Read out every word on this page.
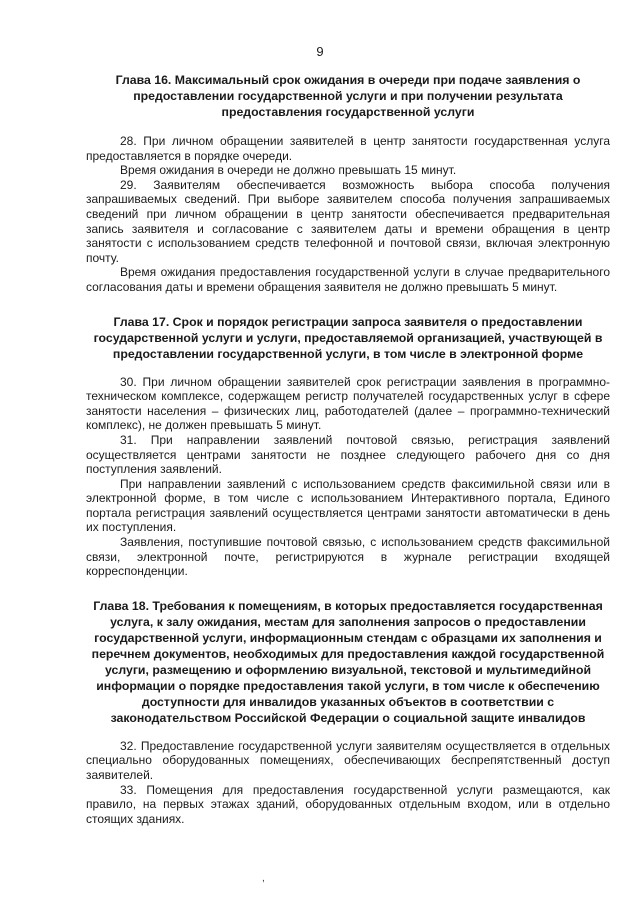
9
Глава 16. Максимальный срок ожидания в очереди при подаче заявления о предоставлении государственной услуги и при получении результата предоставления государственной услуги

28. При личном обращении заявителей в центр занятости государственная услуга предоставляется в порядке очереди.

Время ожидания в очереди не должно превышать 15 минут.

29. Заявителям обеспечивается возможность выбора способа получения запрашиваемых сведений. При выборе заявителем способа получения запрашиваемых сведений при личном обращении в центр занятости обеспечивается предварительная запись заявителя и согласование с заявителем даты и времени обращения в центр занятости с использованием средств телефонной и почтовой связи, включая электронную почту.

Время ожидания предоставления государственной услуги в случае предварительного согласования даты и времени обращения заявителя не должно превышать 5 минут.

Глава 17. Срок и порядок регистрации запроса заявителя о предоставлении государственной услуги и услуги, предоставляемой организацией, участвующей в предоставлении государственной услуги, в том числе в электронной форме

30. При личном обращении заявителей срок регистрации заявления в программно-техническом комплексе, содержащем регистр получателей государственных услуг в сфере занятости населения – физических лиц, работодателей (далее – программно-технический комплекс), не должен превышать 5 минут.

31. При направлении заявлений почтовой связью, регистрация заявлений осуществляется центрами занятости не позднее следующего рабочего дня со дня поступления заявлений.

При направлении заявлений с использованием средств факсимильной связи или в электронной форме, в том числе с использованием Интерактивного портала, Единого портала регистрация заявлений осуществляется центрами занятости автоматически в день их поступления.

Заявления, поступившие почтовой связью, с использованием средств факсимильной связи, электронной почте, регистрируются в журнале регистрации входящей корреспонденции.

Глава 18. Требования к помещениям, в которых предоставляется государственная услуга, к залу ожидания, местам для заполнения запросов о предоставлении государственной услуги, информационным стендам с образцами их заполнения и перечнем документов, необходимых для предоставления каждой государственной услуги, размещению и оформлению визуальной, текстовой и мультимедийной информации о порядке предоставления такой услуги, в том числе к обеспечению доступности для инвалидов указанных объектов в соответствии с законодательством Российской Федерации о социальной защите инвалидов

32. Предоставление государственной услуги заявителям осуществляется в отдельных специально оборудованных помещениях, обеспечивающих беспрепятственный доступ заявителей.

33. Помещения для предоставления государственной услуги размещаются, как правило, на первых этажах зданий, оборудованных отдельным входом, или в отдельно стоящих зданиях.

,
